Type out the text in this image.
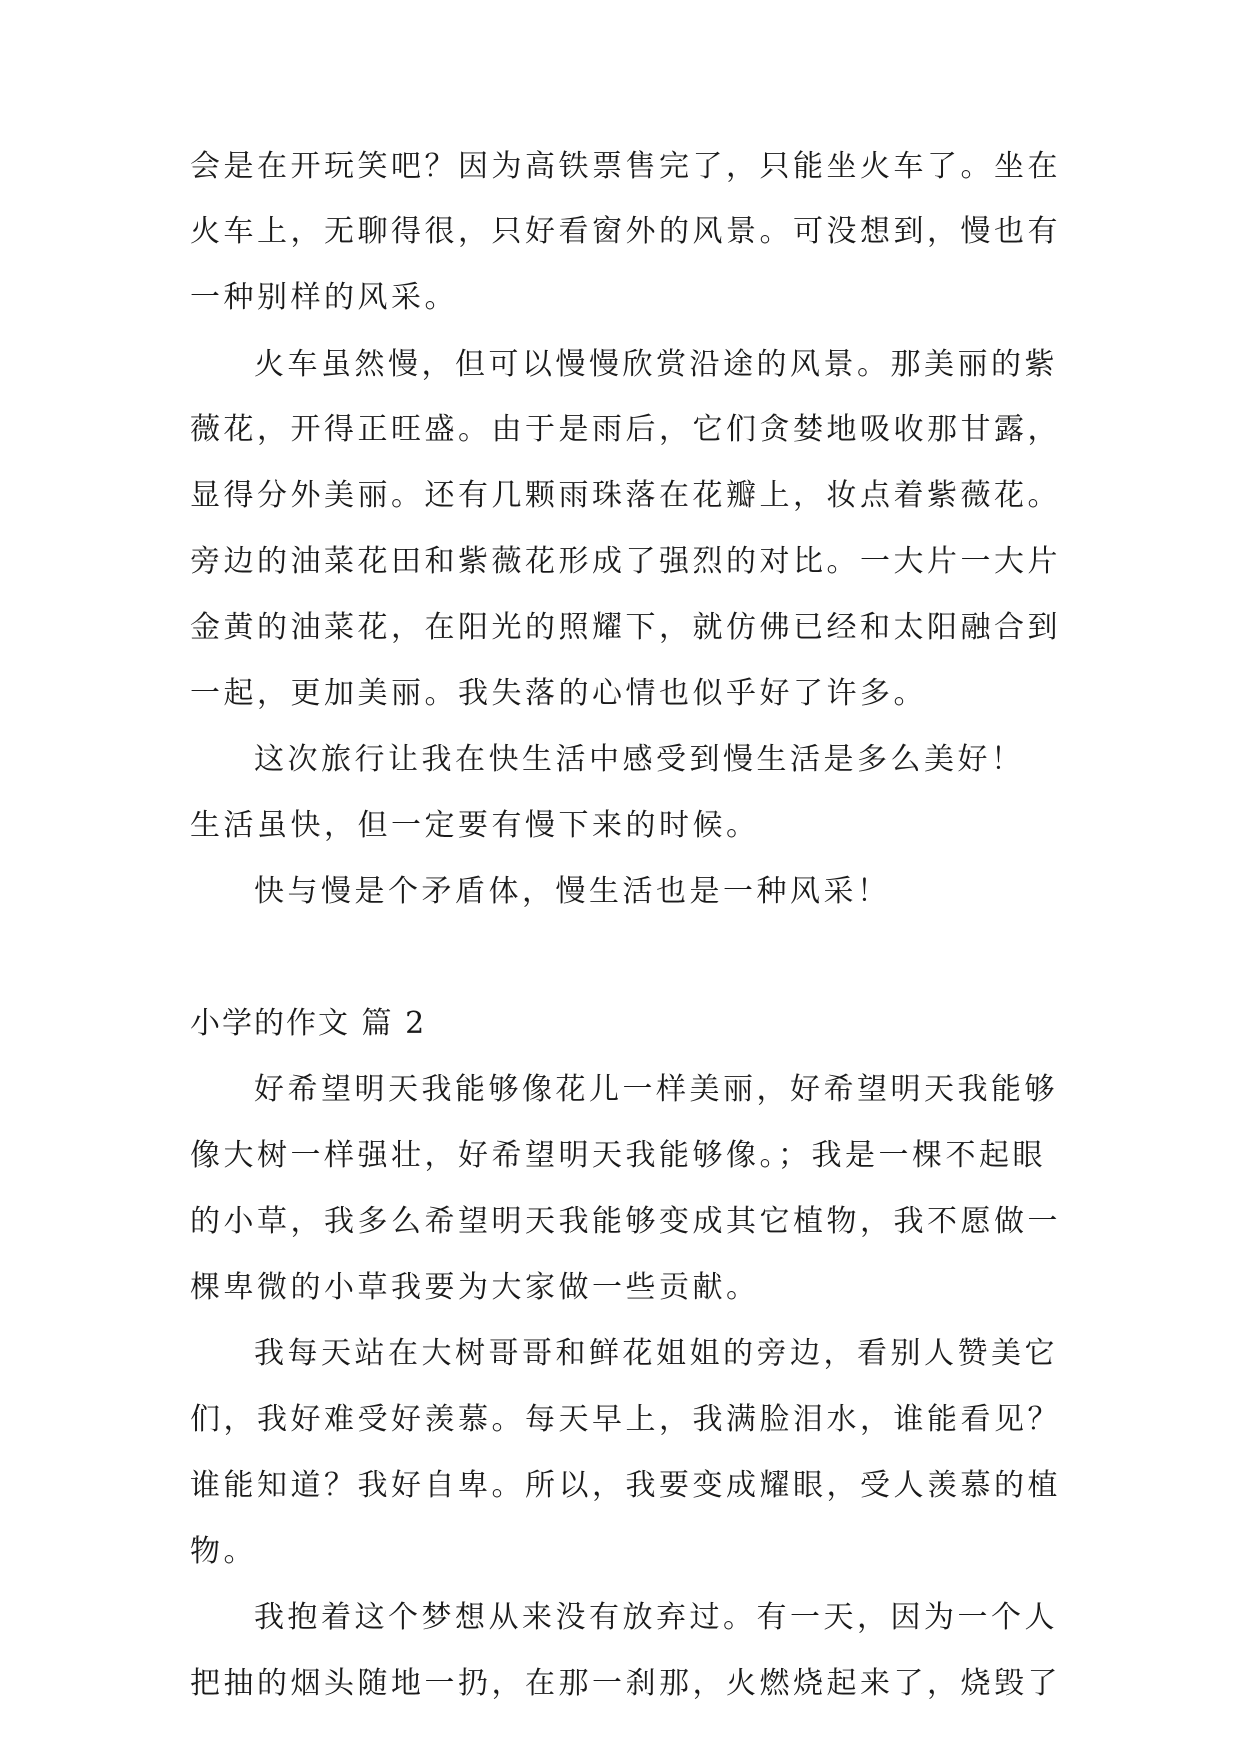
会是在开玩笑吧？因为高铁票售完了，只能坐火车了。坐在
火车上，无聊得很，只好看窗外的风景。可没想到，慢也有
一种别样的风采。
火车虽然慢，但可以慢慢欣赏沿途的风景。那美丽的紫
薇花，开得正旺盛。由于是雨后，它们贪婪地吸收那甘露，
显得分外美丽。还有几颗雨珠落在花瓣上，妆点着紫薇花。
旁边的油菜花田和紫薇花形成了强烈的对比。一大片一大片
金黄的油菜花，在阳光的照耀下，就仿佛已经和太阳融合到
一起，更加美丽。我失落的心情也似乎好了许多。
这次旅行让我在快生活中感受到慢生活是多么美好！
生活虽快，但一定要有慢下来的时候。
快与慢是个矛盾体，慢生活也是一种风采！
小学的作文 篇 2
好希望明天我能够像花儿一样美丽，好希望明天我能够
像大树一样强壮，好希望明天我能够像。；我是一棵不起眼
的小草，我多么希望明天我能够变成其它植物，我不愿做一
棵卑微的小草我要为大家做一些贡献。
我每天站在大树哥哥和鲜花姐姐的旁边，看别人赞美它
们，我好难受好羡慕。每天早上，我满脸泪水，谁能看见？
谁能知道？我好自卑。所以，我要变成耀眼，受人羡慕的植
物。
我抱着这个梦想从来没有放弃过。有一天，因为一个人
把抽的烟头随地一扔，在那一刹那，火燃烧起来了，烧毁了
